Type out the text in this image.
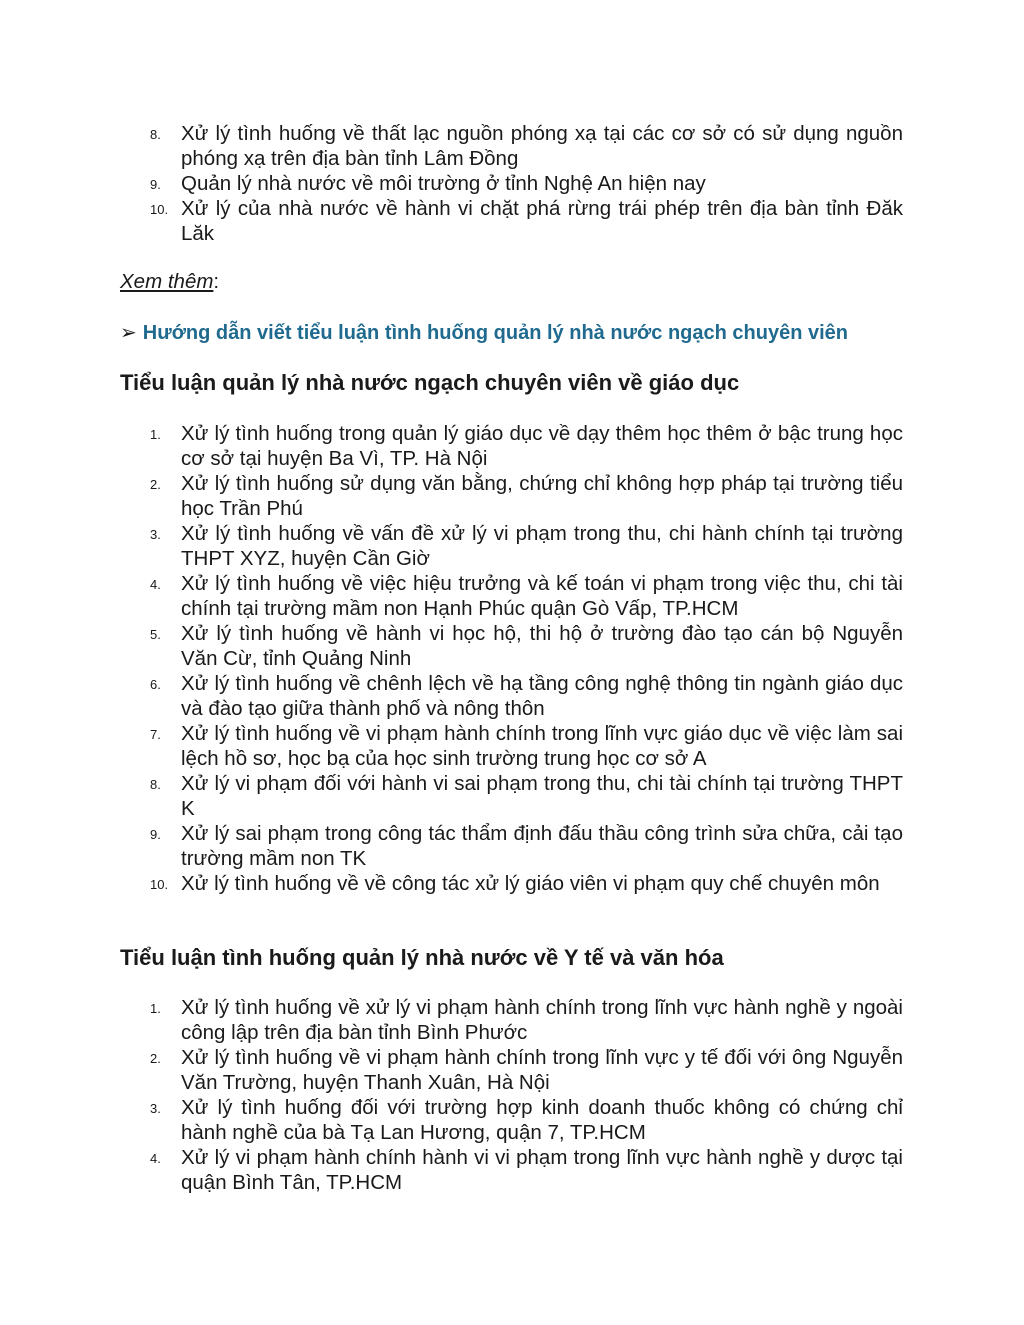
8. Xử lý tình huống về thất lạc nguồn phóng xạ tại các cơ sở có sử dụng nguồn phóng xạ trên địa bàn tỉnh Lâm Đồng
9. Quản lý nhà nước về môi trường ở tỉnh Nghệ An hiện nay
10. Xử lý của nhà nước về hành vi chặt phá rừng trái phép trên địa bàn tỉnh Đăk Lăk
Xem thêm:
➢ Hướng dẫn viết tiểu luận tình huống quản lý nhà nước ngạch chuyên viên
Tiểu luận quản lý nhà nước ngạch chuyên viên về giáo dục
1. Xử lý tình huống trong quản lý giáo dục về dạy thêm học thêm ở bậc trung học cơ sở tại huyện Ba Vì, TP. Hà Nội
2. Xử lý tình huống sử dụng văn bằng, chứng chỉ không hợp pháp tại trường tiểu học Trần Phú
3. Xử lý tình huống về vấn đề xử lý vi phạm trong thu, chi hành chính tại trường THPT XYZ, huyện Cần Giờ
4. Xử lý tình huống về việc hiệu trưởng và kế toán vi phạm trong việc thu, chi tài chính tại trường mầm non Hạnh Phúc quận Gò Vấp, TP.HCM
5. Xử lý tình huống về hành vi học hộ, thi hộ ở trường đào tạo cán bộ Nguyễn Văn Cừ, tỉnh Quảng Ninh
6. Xử lý tình huống về chênh lệch về hạ tầng công nghệ thông tin ngành giáo dục và đào tạo giữa thành phố và nông thôn
7. Xử lý tình huống về vi phạm hành chính trong lĩnh vực giáo dục về việc làm sai lệch hồ sơ, học bạ của học sinh trường trung học cơ sở A
8. Xử lý vi phạm đối với hành vi sai phạm trong thu, chi tài chính tại trường THPT K
9. Xử lý sai phạm trong công tác thẩm định đấu thầu công trình sửa chữa, cải tạo trường mầm non TK
10. Xử lý tình huống về về công tác xử lý giáo viên vi phạm quy chế chuyên môn
Tiểu luận tình huống quản lý nhà nước về Y tế và văn hóa
1. Xử lý tình huống về xử lý vi phạm hành chính trong lĩnh vực hành nghề y ngoài công lập trên địa bàn tỉnh Bình Phước
2. Xử lý tình huống về vi phạm hành chính trong lĩnh vực y tế đối với ông Nguyễn Văn Trường, huyện Thanh Xuân, Hà Nội
3. Xử lý tình huống đối với trường hợp kinh doanh thuốc không có chứng chỉ hành nghề của bà Tạ Lan Hương, quận 7, TP.HCM
4. Xử lý vi phạm hành chính hành vi vi phạm trong lĩnh vực hành nghề y dược tại quận Bình Tân, TP.HCM
